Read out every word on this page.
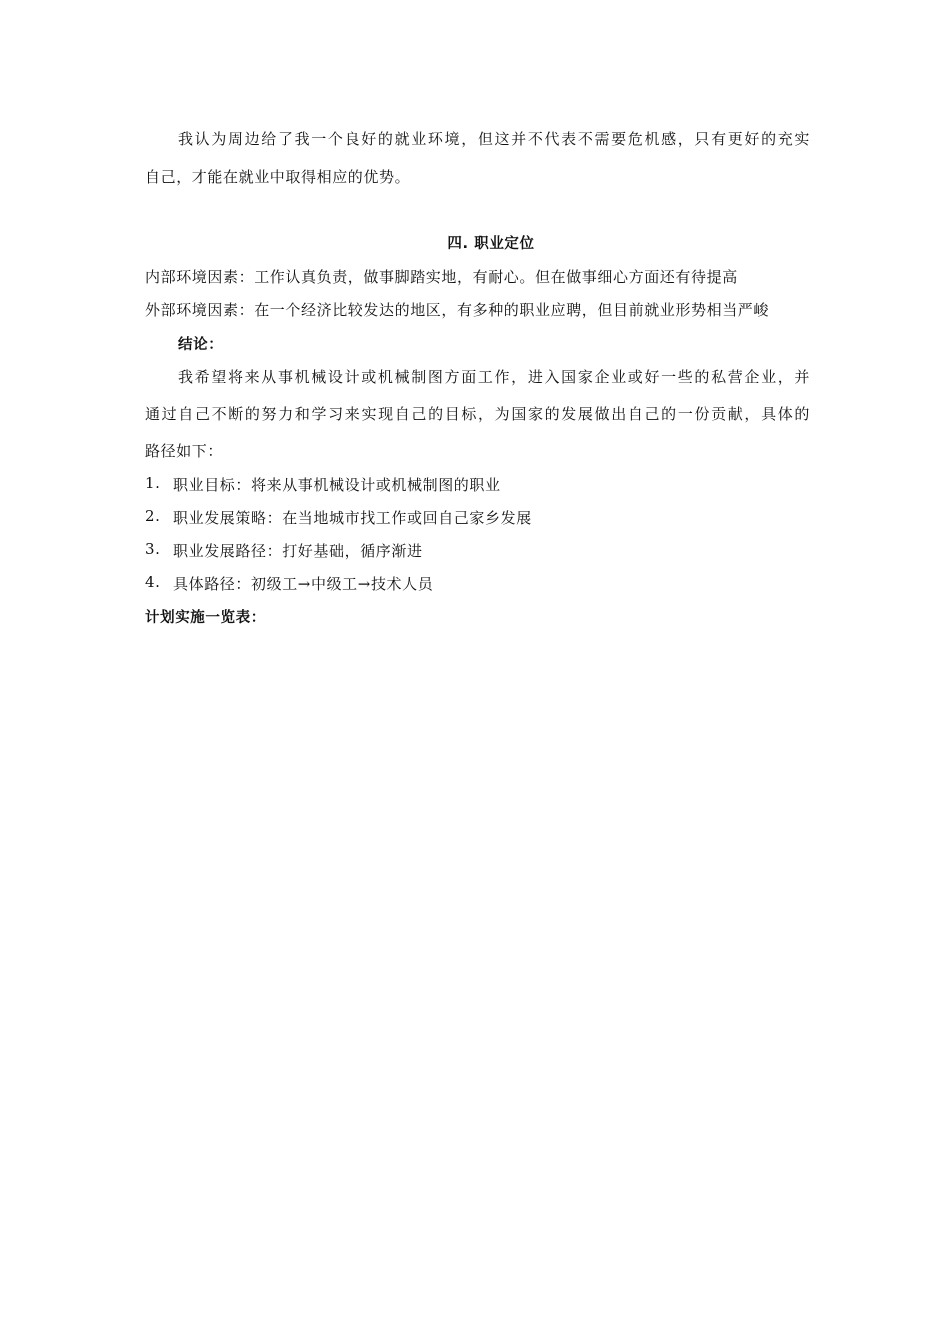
我认为周边给了我一个良好的就业环境，但这并不代表不需要危机感，只有更好的充实
自己，才能在就业中取得相应的优势。
四. 职业定位
内部环境因素：工作认真负责，做事脚踏实地，有耐心。但在做事细心方面还有待提高
外部环境因素：在一个经济比较发达的地区，有多种的职业应聘，但目前就业形势相当严峻
结论：
我希望将来从事机械设计或机械制图方面工作，进入国家企业或好一些的私营企业，并
通过自己不断的努力和学习来实现自己的目标，为国家的发展做出自己的一份贡献，具体的
路径如下：
1. 职业目标：将来从事机械设计或机械制图的职业
2. 职业发展策略：在当地城市找工作或回自己家乡发展
3. 职业发展路径：打好基础，循序渐进
4. 具体路径：初级工→中级工→技术人员
计划实施一览表：
